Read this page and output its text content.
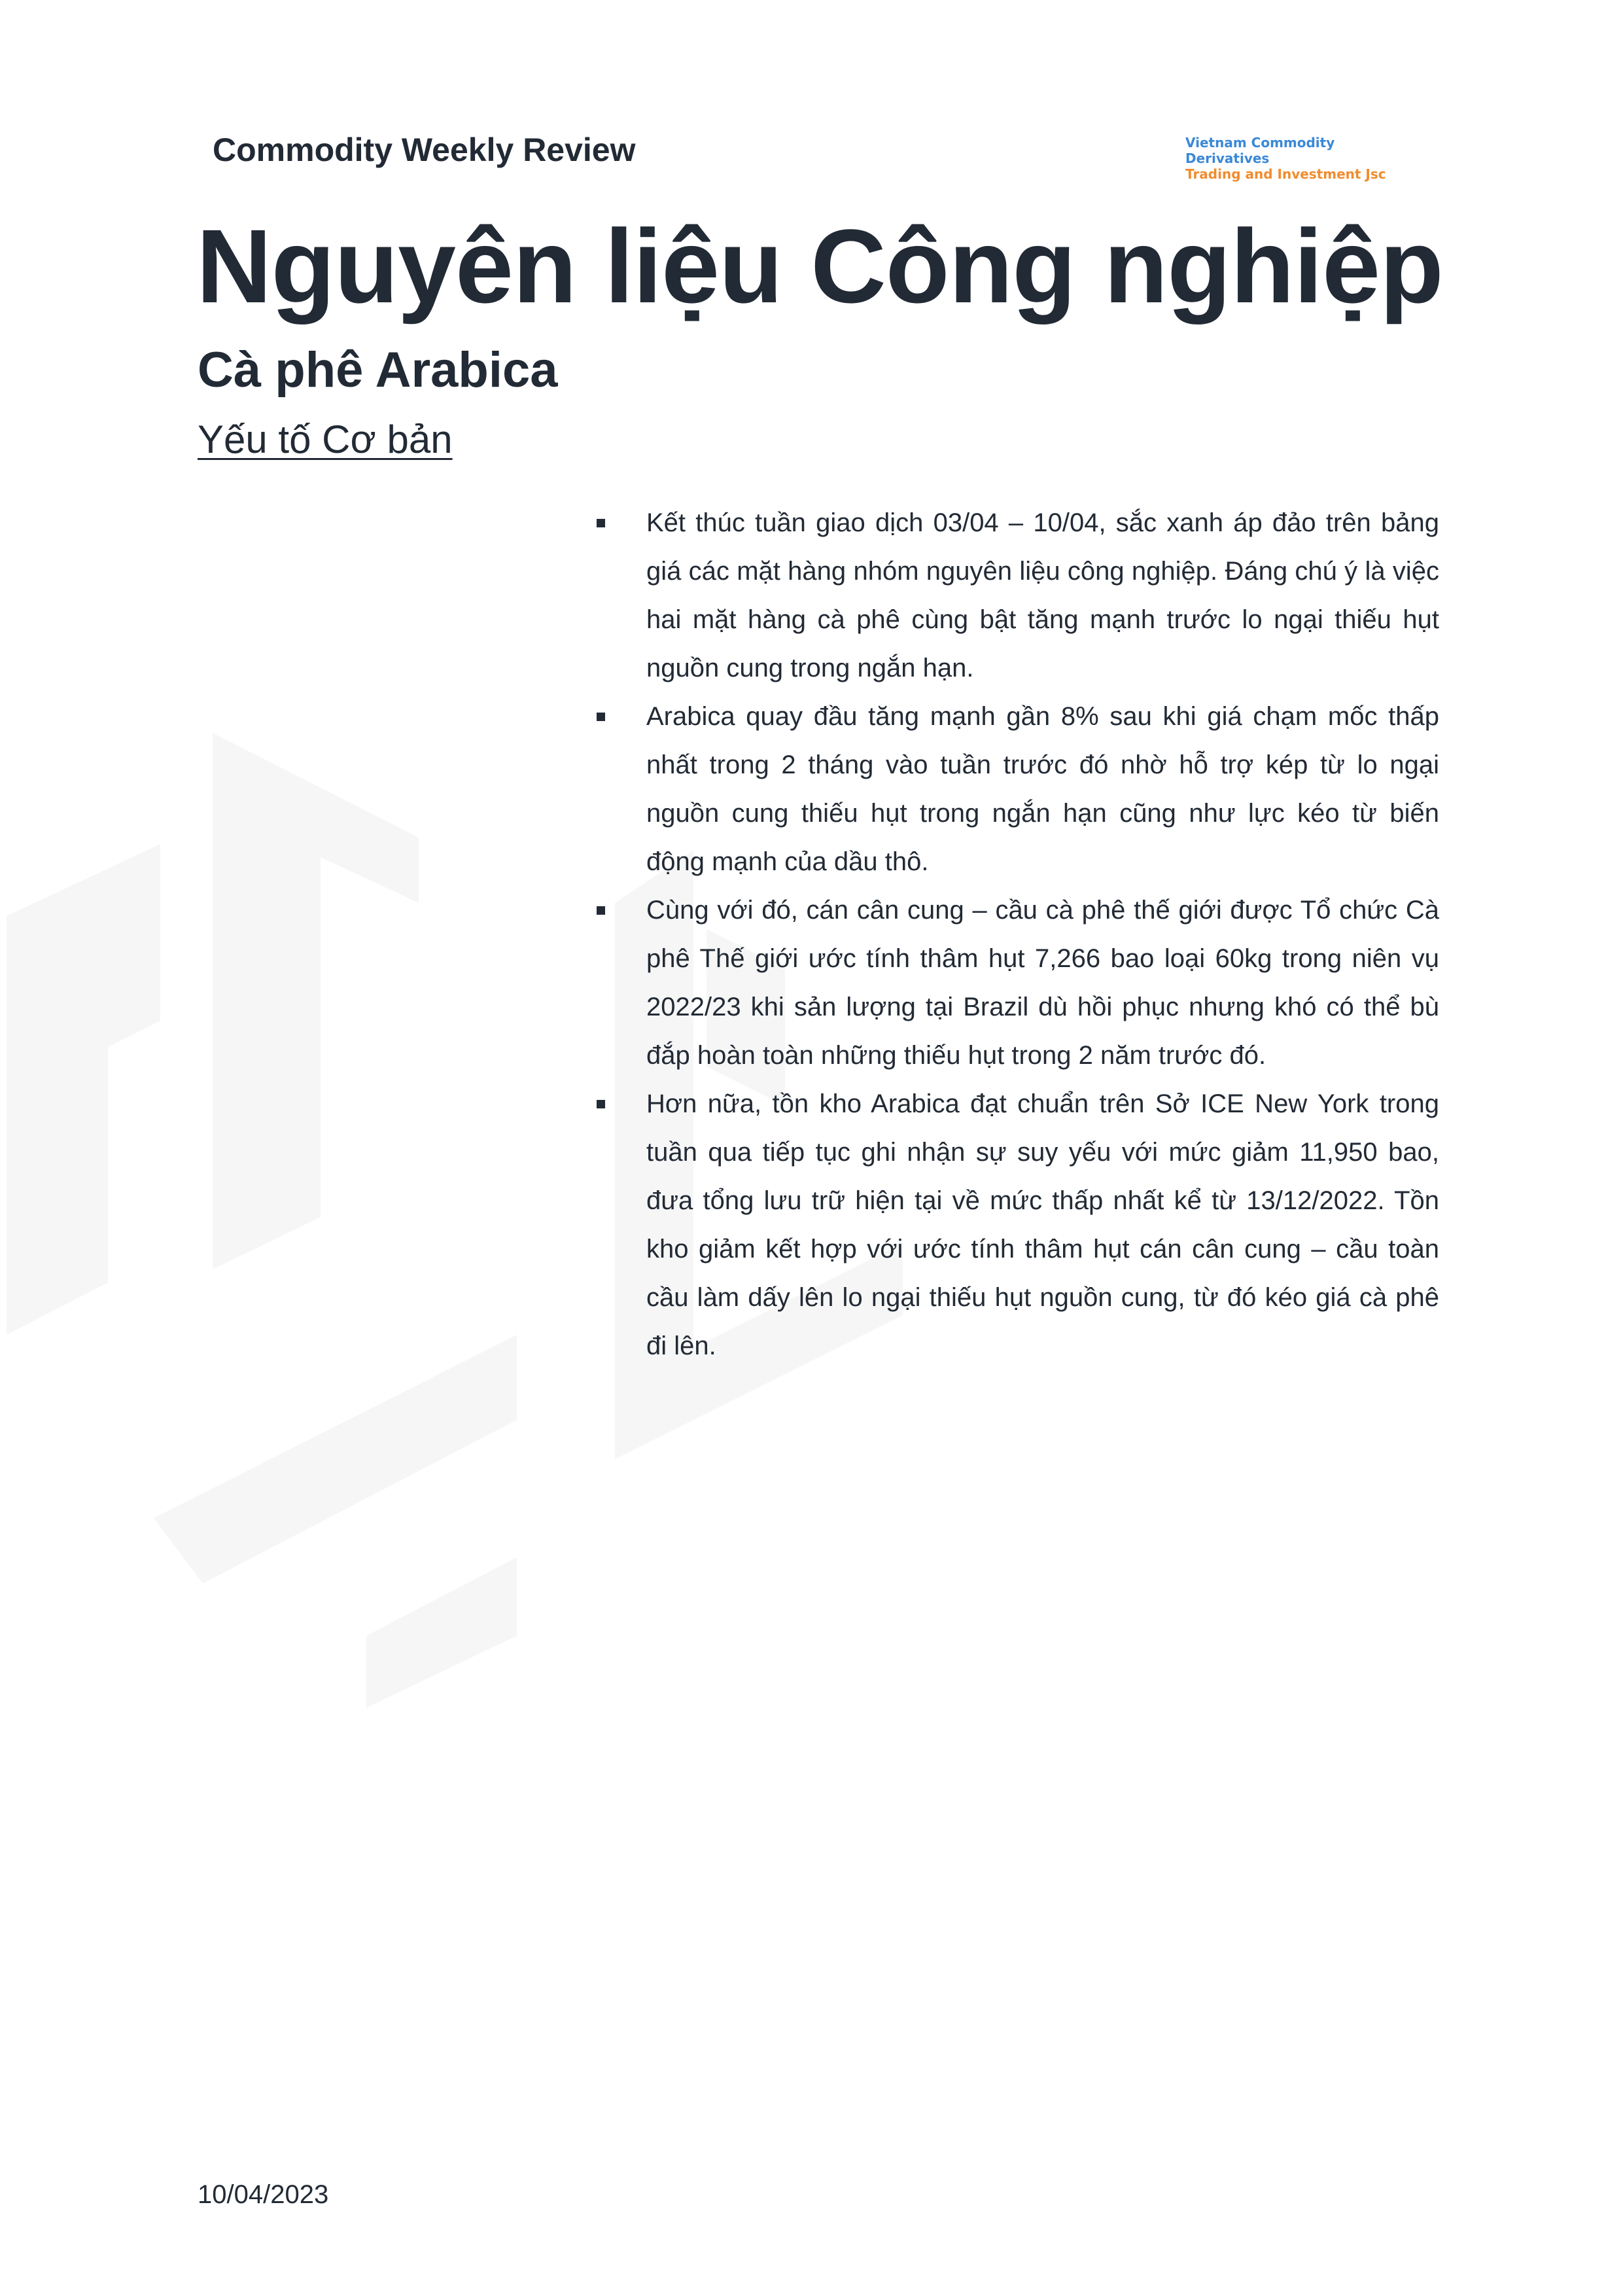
Commodity Weekly Review	Vietnam Commodity Derivatives
Trading and Investment Jsc
Nguyên liệu Công nghiệp
Cà phê Arabica
Yếu tố Cơ bản
Kết thúc tuần giao dịch 03/04 – 10/04, sắc xanh áp đảo trên bảng giá các mặt hàng nhóm nguyên liệu công nghiệp. Đáng chú ý là việc hai mặt hàng cà phê cùng bật tăng mạnh trước lo ngại thiếu hụt nguồn cung trong ngắn hạn.
Arabica quay đầu tăng mạnh gần 8% sau khi giá chạm mốc thấp nhất trong 2 tháng vào tuần trước đó nhờ hỗ trợ kép từ lo ngại nguồn cung thiếu hụt trong ngắn hạn cũng như lực kéo từ biến động mạnh của dầu thô.
Cùng với đó, cán cân cung – cầu cà phê thế giới được Tổ chức Cà phê Thế giới ước tính thâm hụt 7,266 bao loại 60kg trong niên vụ 2022/23 khi sản lượng tại Brazil dù hồi phục nhưng khó có thể bù đắp hoàn toàn những thiếu hụt trong 2 năm trước đó.
Hơn nữa, tồn kho Arabica đạt chuẩn trên Sở ICE New York trong tuần qua tiếp tục ghi nhận sự suy yếu với mức giảm 11,950 bao, đưa tổng lưu trữ hiện tại về mức thấp nhất kể từ 13/12/2022. Tồn kho giảm kết hợp với ước tính thâm hụt cán cân cung – cầu toàn cầu làm dấy lên lo ngại thiếu hụt nguồn cung, từ đó kéo giá cà phê đi lên.
10/04/2023
